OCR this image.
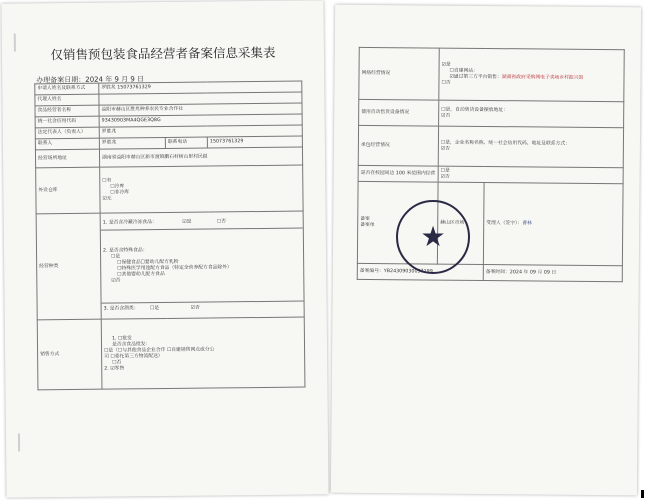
仅销售预包装食品经营者备案信息采集表
办理备案日期：2024 年 9 月 9 日
申请人姓名及联系方式	罗胜兆 15073761329
代理人姓名	
食品经营者名称	益阳市赫山区胜兆种养农民专业合作社
统一社会信用代码	93430903MA4QGE3Q8G
法定代表人（负责人）	罗胜兆
联系人	罗胜兆	联系电话	15073761329
经营场所地址	湖南省益阳市赫山区新市渡镇鹏石村树山里村民组
外设仓库	
☐有
☐冷库
☐非冷库
☑无

经营种类	
1. 是否含冷藏冷冻食品：	☑是	☐否

2. 是否含特殊食品：
☐是
☐保健食品☐婴幼儿配方乳粉
☐特殊医学用途配方食品（特定全营养配方食品除外）
☐其他婴幼儿配方食品
☑否

3. 是否含酒类： ☐是	☑否

销售方式	
1. ☐批发
是否含食品批发：
☐是（☐与其他食品企业合作 ☐自建销售网点或分公
司 ☐委托第三方物流配送）
☐否
2. ☑零售
网络经营情况	☑是
☐自建网站：
☑通过第三方平台销售：湖南省政府采购网电子卖场乡村振兴馆
☐否	

使用自动售货设备情况	☐是，自动售货设备摆放地址：
☑否	

承包经营情况	☐是，企业名称名称、统一社会信用代码、地址及联系方式：
☑否	

是否在校园周边 100 米范围内经营	☐是
☑否	

备案
备案单	赫山区市场	受理人（签字）：曹林
备案编号：YB24309030037199		备案时间：2024 年 09 月 09 日
★
